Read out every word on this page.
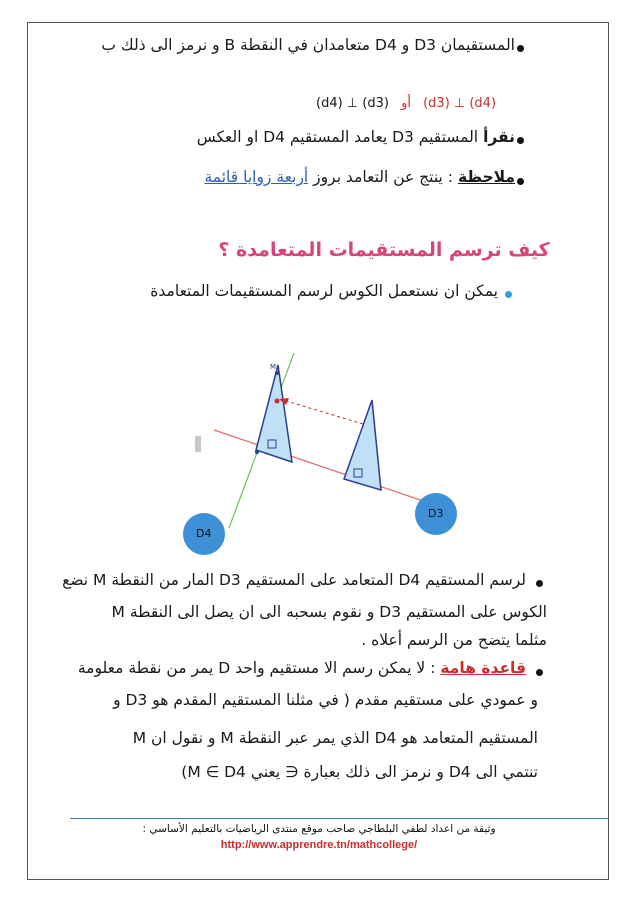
المستقيمان D3 و D4 متعامدان في النقطة B و نرمز الى ذلك ب
(d4) ⊥ (d3) أو (d3) ⊥ (d4)
نقرأ المستقيم D3 يعامد المستقيم D4 او العكس
ملاحظة : ينتج عن التعامد بروز أربعة زوايا قائمة
كيف ترسم المستقيمات المتعامدة ؟
يمكن ان نستعمل الكوس لرسم المستقيمات المتعامدة
M
D3
D4
لرسم المستقيم D4 المتعامد على المستقيم D3 المار من النقطة M نضع
الكوس على المستقيم D3 و نقوم بسحبه الى ان يصل الى النقطة M
مثلما يتضح من الرسم أعلاه .
قاعدة هامة : لا يمكن رسم الا مستقيم واحد D يمر من نقطة معلومة
و عمودي على مستقيم مقدم ( في مثلنا المستقيم المقدم هو D3 و
المستقيم المتعامد هو D4 الذي يمر عبر النقطة M و نقول ان M
تنتمي الى D4 و نرمز الى ذلك بعبارة ∈ يعني M ∈ D4)
وثيقة من اعداد لطفي البلطاجي صاحب موقع منتدى الرياضيات بالتعليم الأساسي :
http://www.apprendre.tn/mathcollege/
